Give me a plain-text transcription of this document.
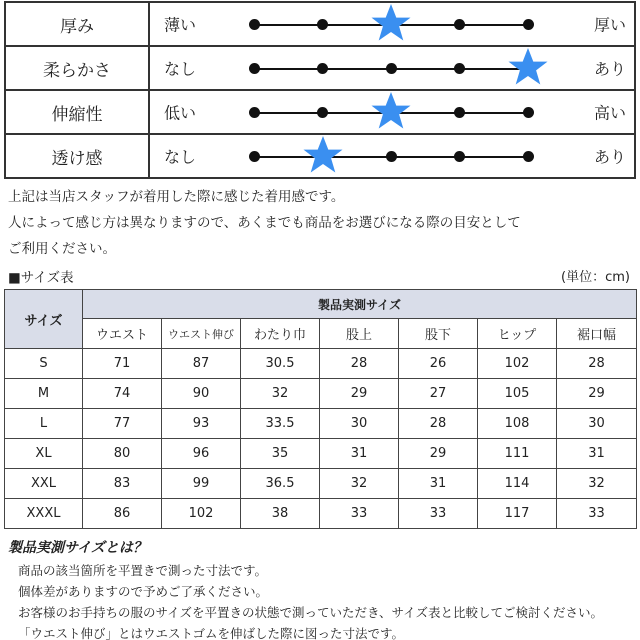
厚み	薄い 厚い

柔らかさ	なし あり

伸縮性	低い 高い

透け感	なし あり
上記は当店スタッフが着用した際に感じた着用感です。
人によって感じ方は異なりますので、あくまでも商品をお選びになる際の目安として
ご利用ください。
■サイズ表	(単位：cm)
サイズ	製品実測サイズ						
	ウエスト	ウエスト伸び	わたり巾	股上	股下	ヒップ	裾口幅
S	71	87	30.5	28	26	102	28
M	74	90	32	29	27	105	29
L	77	93	33.5	30	28	108	30
XL	80	96	35	31	29	111	31
XXL	83	99	36.5	32	31	114	32
XXXL	86	102	38	33	33	117	33
製品実測サイズとは？
商品の該当箇所を平置きで測った寸法です。
個体差がありますので予めご了承ください。
お客様のお手持ちの服のサイズを平置きの状態で測っていただき、サイズ表と比較してご検討ください。
「ウエスト伸び」とはウエストゴムを伸ばした際に図った寸法です。
